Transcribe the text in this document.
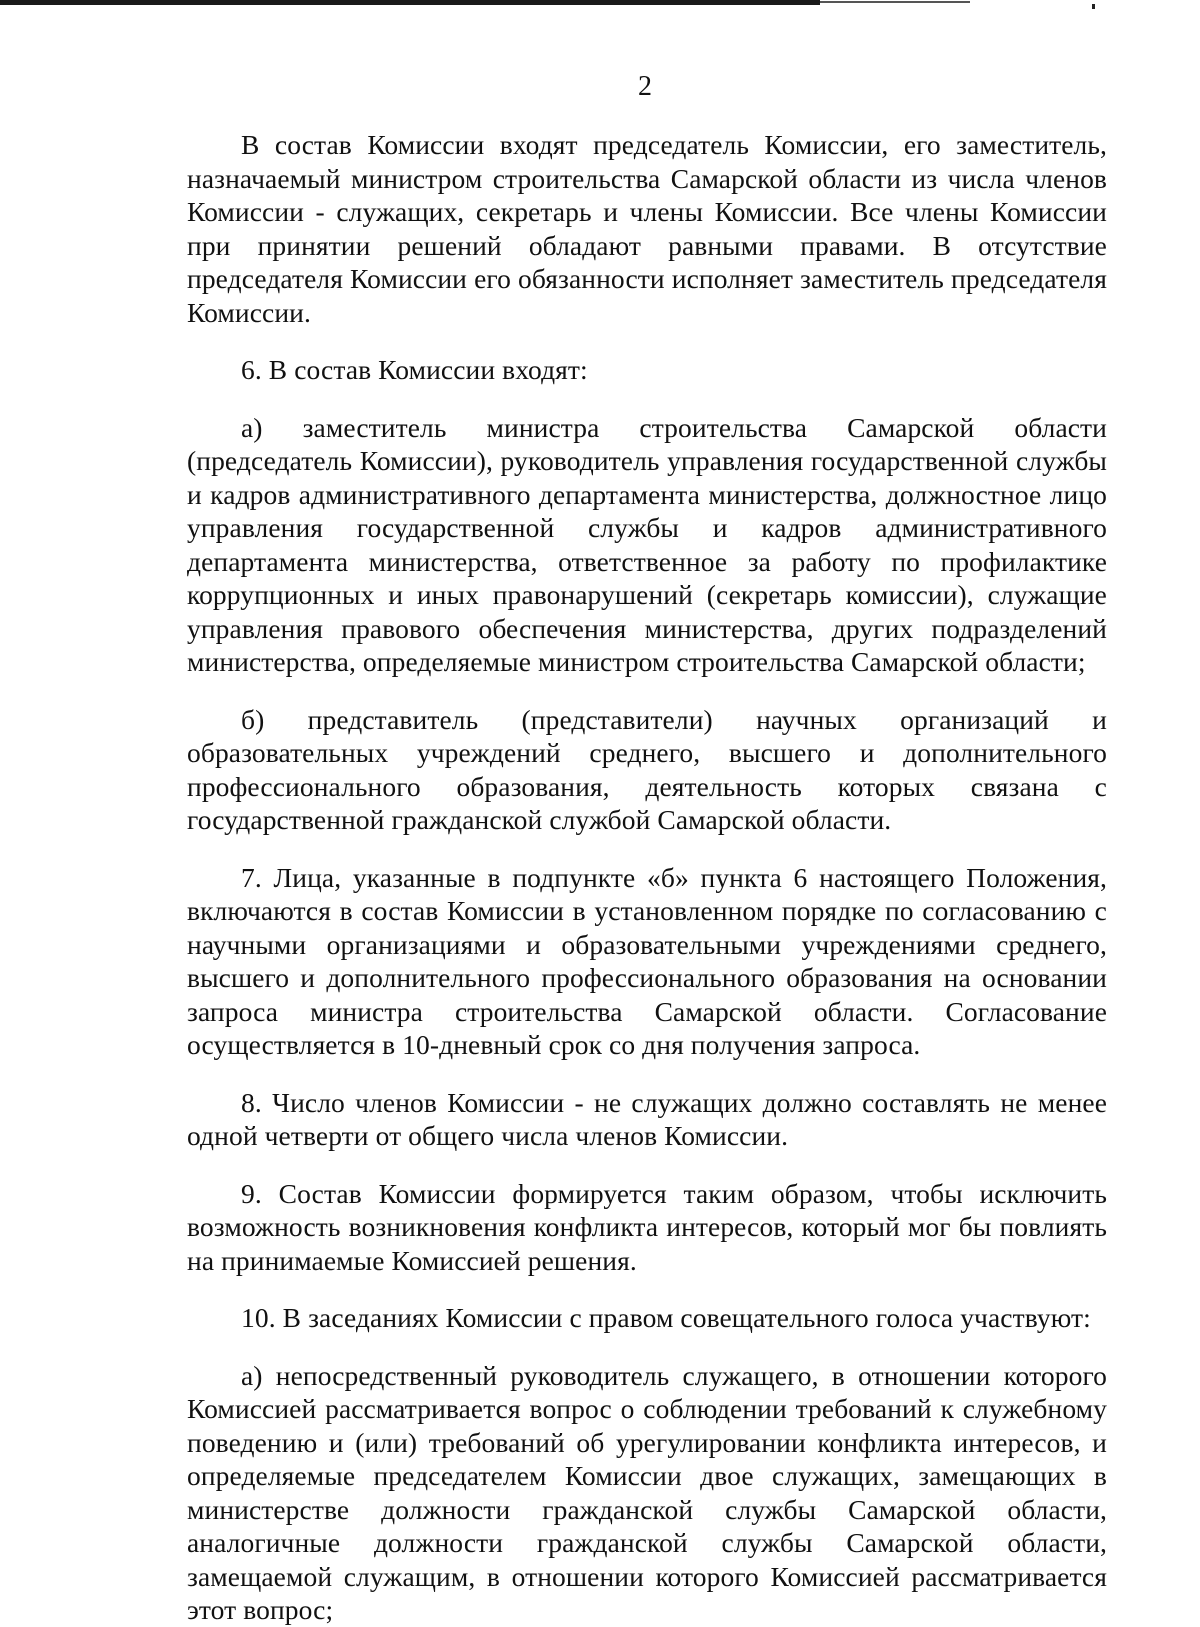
2

В состав Комиссии входят председатель Комиссии, его заместитель, назначаемый министром строительства Самарской области из числа членов Комиссии - служащих, секретарь и члены Комиссии. Все члены Комиссии при принятии решений обладают равными правами. В отсутствие председателя Комиссии его обязанности исполняет заместитель председателя Комиссии.

6. В состав Комиссии входят:

а) заместитель министра строительства Самарской области (председатель Комиссии), руководитель управления государственной службы и кадров административного департамента министерства, должностное лицо управления государственной службы и кадров административного департамента министерства, ответственное за работу по профилактике коррупционных и иных правонарушений (секретарь комиссии), служащие управления правового обеспечения министерства, других подразделений министерства, определяемые министром строительства Самарской области;

б) представитель (представители) научных организаций и образовательных учреждений среднего, высшего и дополнительного профессионального образования, деятельность которых связана с государственной гражданской службой Самарской области.

7. Лица, указанные в подпункте «б» пункта 6 настоящего Положения, включаются в состав Комиссии в установленном порядке по согласованию с научными организациями и образовательными учреждениями среднего, высшего и дополнительного профессионального образования на основании запроса министра строительства Самарской области. Согласование осуществляется в 10-дневный срок со дня получения запроса.

8. Число членов Комиссии - не служащих должно составлять не менее одной четверти от общего числа членов Комиссии.

9. Состав Комиссии формируется таким образом, чтобы исключить возможность возникновения конфликта интересов, который мог бы повлиять на принимаемые Комиссией решения.

10. В заседаниях Комиссии с правом совещательного голоса участвуют:

а) непосредственный руководитель служащего, в отношении которого Комиссией рассматривается вопрос о соблюдении требований к служебному поведению и (или) требований об урегулировании конфликта интересов, и определяемые председателем Комиссии двое служащих, замещающих в министерстве должности гражданской службы Самарской области, аналогичные должности гражданской службы Самарской области, замещаемой служащим, в отношении которого Комиссией рассматривается этот вопрос;
